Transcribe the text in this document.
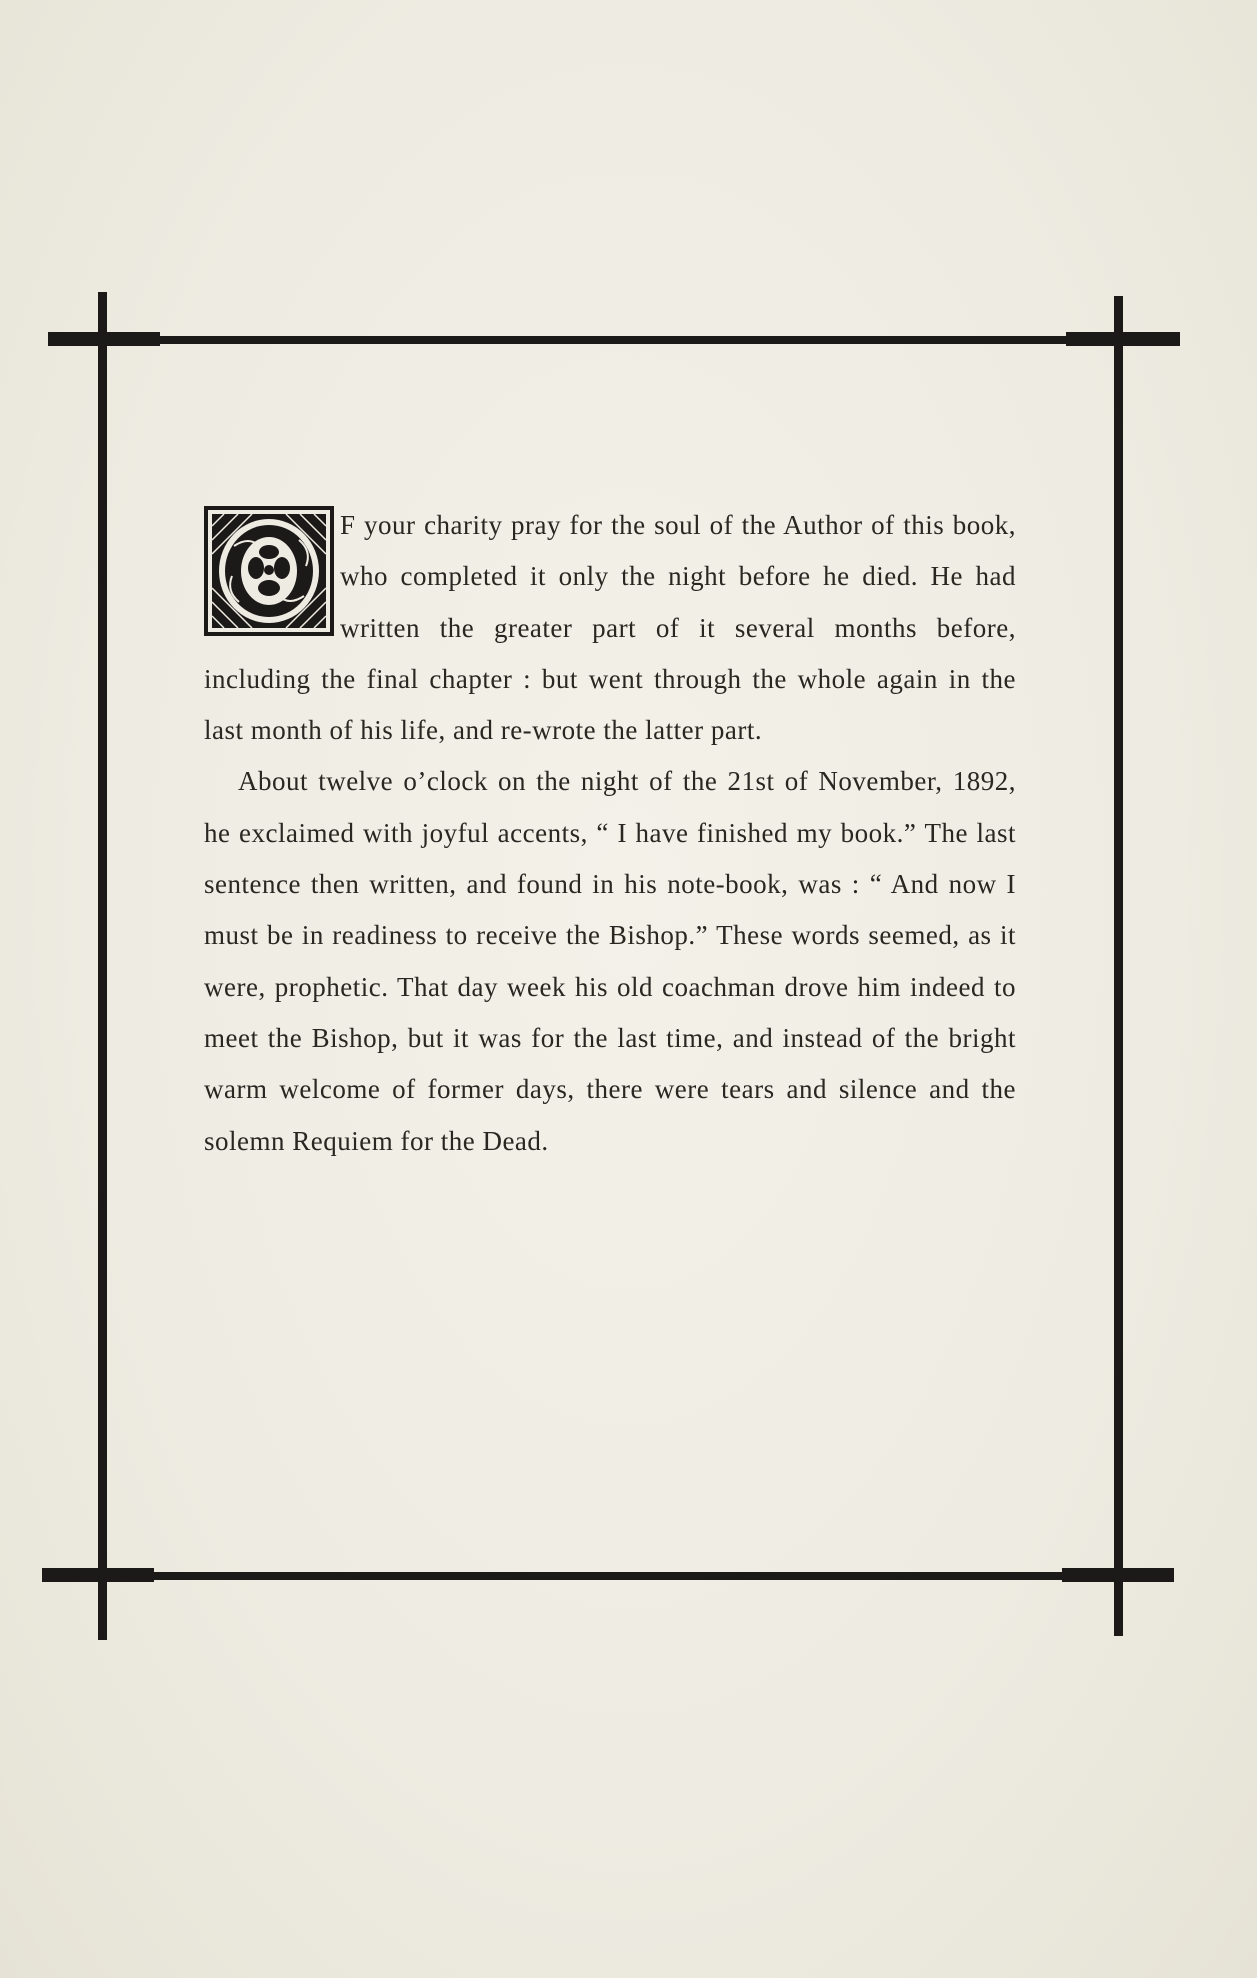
F your charity pray for the soul of the Author of this book, who completed it only the night before he died. He had written the greater part of it several months before, including the final chapter : but went through the whole again in the last month of his life, and re-wrote the latter part.

About twelve o’clock on the night of the 21st of November, 1892, he exclaimed with joyful accents, “ I have finished my book.” The last sentence then written, and found in his note-book, was : “ And now I must be in readiness to receive the Bishop.” These words seemed, as it were, prophetic. That day week his old coachman drove him indeed to meet the Bishop, but it was for the last time, and instead of the bright warm welcome of former days, there were tears and silence and the solemn Requiem for the Dead.
